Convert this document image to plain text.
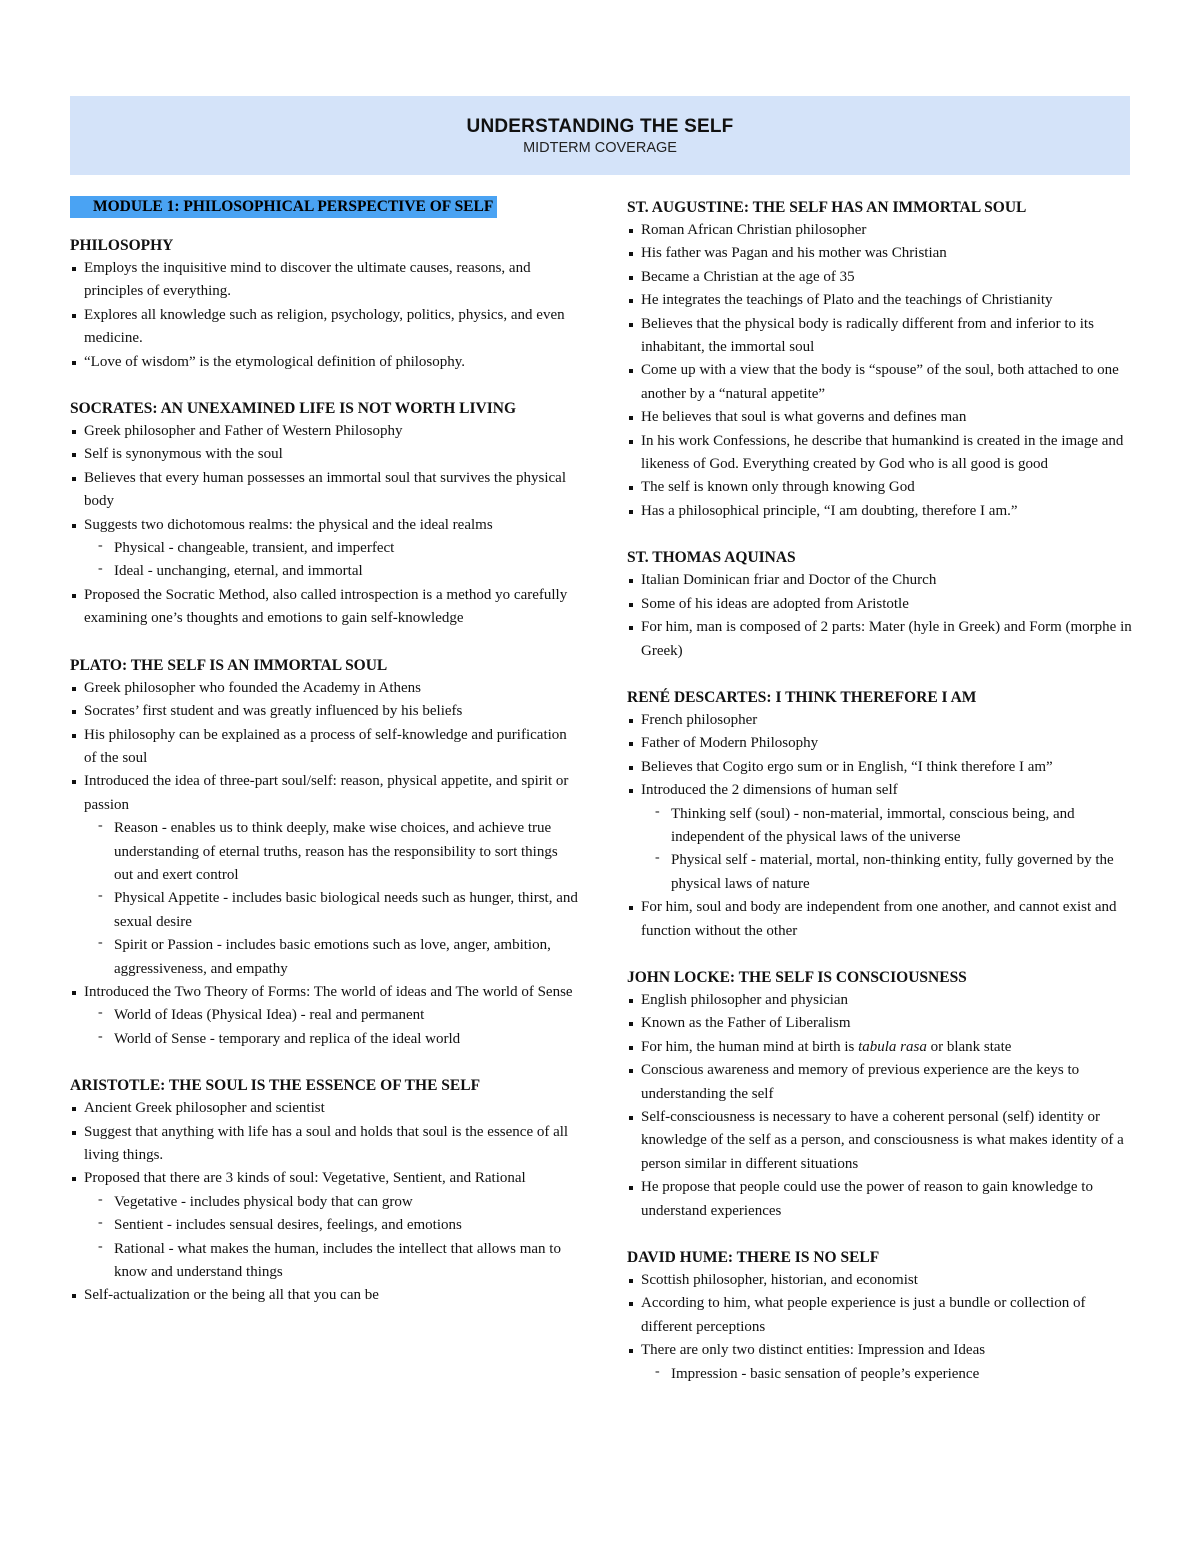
UNDERSTANDING THE SELF
MIDTERM COVERAGE
MODULE 1: PHILOSOPHICAL PERSPECTIVE OF SELF
PHILOSOPHY
Employs the inquisitive mind to discover the ultimate causes, reasons, and principles of everything.
Explores all knowledge such as religion, psychology, politics, physics, and even medicine.
“Love of wisdom” is the etymological definition of philosophy.
SOCRATES: AN UNEXAMINED LIFE IS NOT WORTH LIVING
Greek philosopher and Father of Western Philosophy
Self is synonymous with the soul
Believes that every human possesses an immortal soul that survives the physical body
Suggests two dichotomous realms: the physical and the ideal realms
- Physical - changeable, transient, and imperfect
- Ideal - unchanging, eternal, and immortal
Proposed the Socratic Method, also called introspection is a method yo carefully examining one’s thoughts and emotions to gain self-knowledge
PLATO: THE SELF IS AN IMMORTAL SOUL
Greek philosopher who founded the Academy in Athens
Socrates’ first student and was greatly influenced by his beliefs
His philosophy can be explained as a process of self-knowledge and purification of the soul
Introduced the idea of three-part soul/self: reason, physical appetite, and spirit or passion
- Reason - enables us to think deeply, make wise choices, and achieve true understanding of eternal truths, reason has the responsibility to sort things out and exert control
- Physical Appetite - includes basic biological needs such as hunger, thirst, and sexual desire
- Spirit or Passion - includes basic emotions such as love, anger, ambition, aggressiveness, and empathy
Introduced the Two Theory of Forms: The world of ideas and The world of Sense
- World of Ideas (Physical Idea) - real and permanent
- World of Sense - temporary and replica of the ideal world
ARISTOTLE: THE SOUL IS THE ESSENCE OF THE SELF
Ancient Greek philosopher and scientist
Suggest that anything with life has a soul and holds that soul is the essence of all living things.
Proposed that there are 3 kinds of soul: Vegetative, Sentient, and Rational
- Vegetative - includes physical body that can grow
- Sentient - includes sensual desires, feelings, and emotions
- Rational - what makes the human, includes the intellect that allows man to know and understand things
Self-actualization or the being all that you can be
ST. AUGUSTINE: THE SELF HAS AN IMMORTAL SOUL
Roman African Christian philosopher
His father was Pagan and his mother was Christian
Became a Christian at the age of 35
He integrates the teachings of Plato and the teachings of Christianity
Believes that the physical body is radically different from and inferior to its inhabitant, the immortal soul
Come up with a view that the body is “spouse” of the soul, both attached to one another by a “natural appetite”
He believes that soul is what governs and defines man
In his work Confessions, he describe that humankind is created in the image and likeness of God. Everything created by God who is all good is good
The self is known only through knowing God
Has a philosophical principle, “I am doubting, therefore I am.”
ST. THOMAS AQUINAS
Italian Dominican friar and Doctor of the Church
Some of his ideas are adopted from Aristotle
For him, man is composed of 2 parts: Mater (hyle in Greek) and Form (morphe in Greek)
RENÉ DESCARTES: I THINK THEREFORE I AM
French philosopher
Father of Modern Philosophy
Believes that Cogito ergo sum or in English, “I think therefore I am”
Introduced the 2 dimensions of human self
- Thinking self (soul) - non-material, immortal, conscious being, and independent of the physical laws of the universe
- Physical self - material, mortal, non-thinking entity, fully governed by the physical laws of nature
For him, soul and body are independent from one another, and cannot exist and function without the other
JOHN LOCKE: THE SELF IS CONSCIOUSNESS
English philosopher and physician
Known as the Father of Liberalism
For him, the human mind at birth is tabula rasa or blank state
Conscious awareness and memory of previous experience are the keys to understanding the self
Self-consciousness is necessary to have a coherent personal (self) identity or knowledge of the self as a person, and consciousness is what makes identity of a person similar in different situations
He propose that people could use the power of reason to gain knowledge to understand experiences
DAVID HUME: THERE IS NO SELF
Scottish philosopher, historian, and economist
According to him, what people experience is just a bundle or collection of different perceptions
There are only two distinct entities: Impression and Ideas
- Impression - basic sensation of people’s experience
